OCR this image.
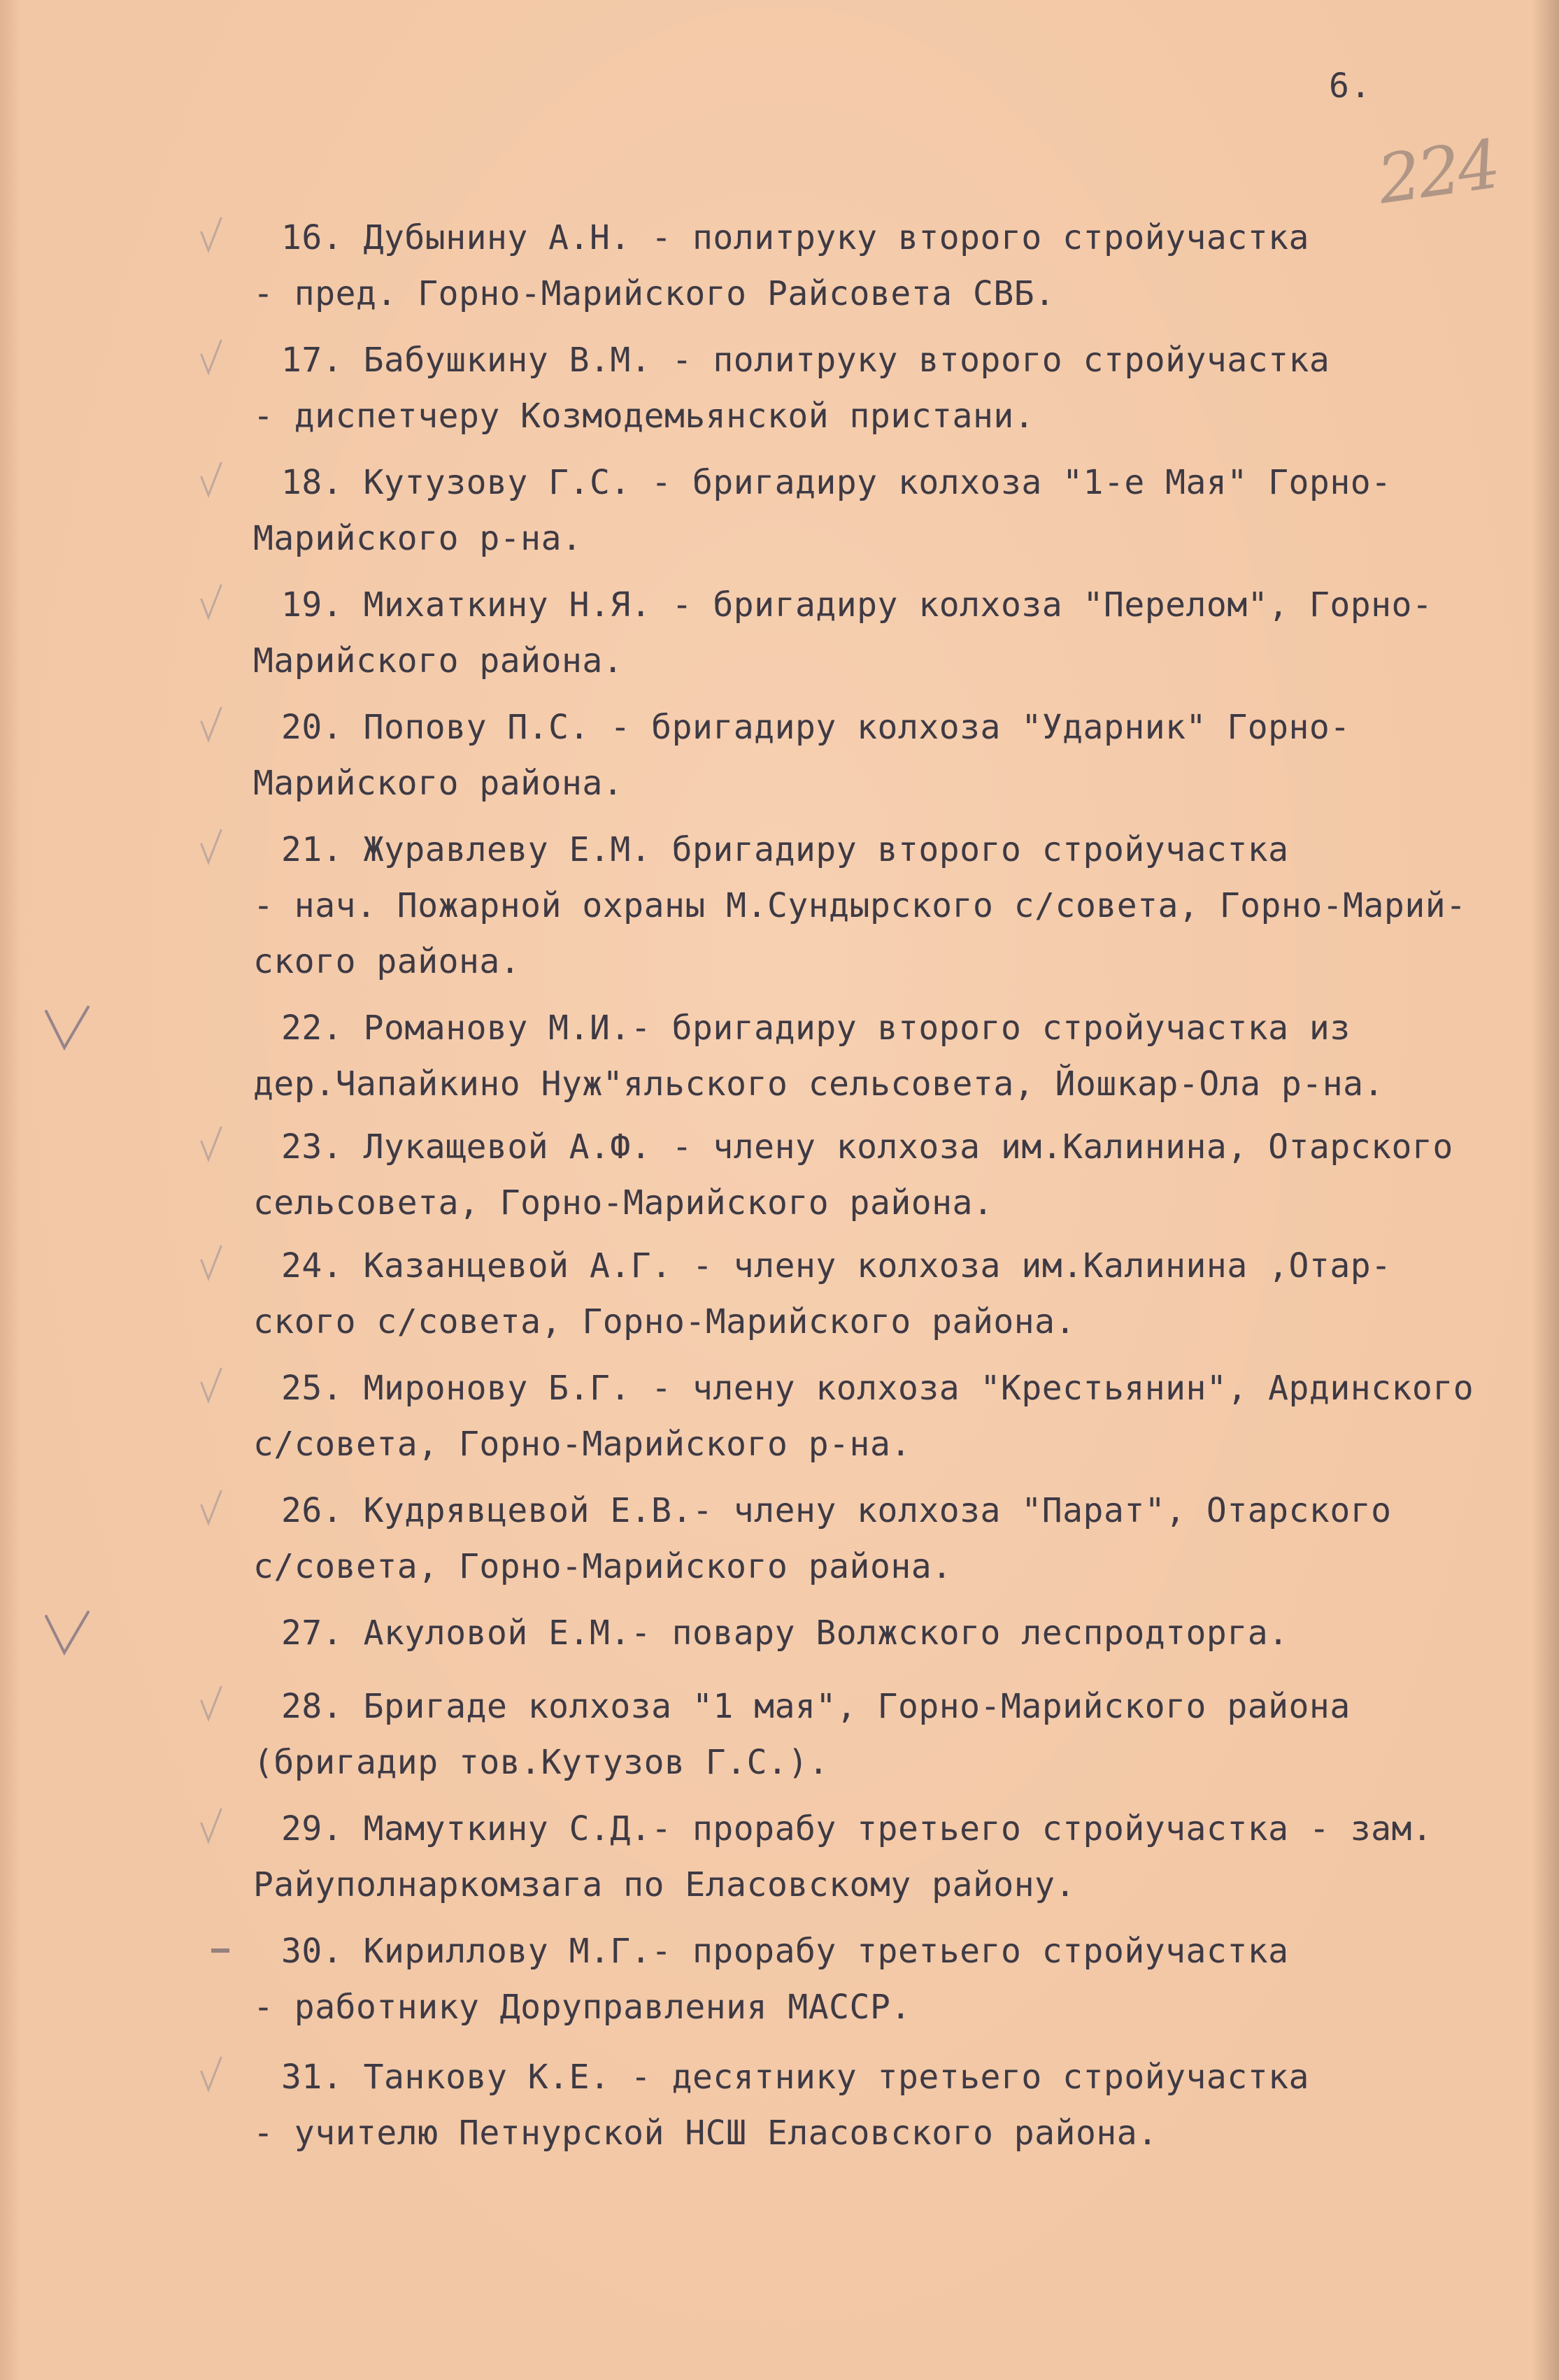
6.
224
16. Дубынину А.Н. - политруку второго стройучастка
- пред. Горно-Марийского Райсовета СВБ.
17. Бабушкину В.М. - политруку второго стройучастка
- диспетчеру Козмодемьянской пристани.
18. Кутузову Г.С. - бригадиру колхоза "1-е Мая" Горно-
Марийского р-на.
19. Михаткину Н.Я. - бригадиру колхоза "Перелом", Горно-
Марийского района.
20. Попову П.С. - бригадиру колхоза "Ударник" Горно-
Марийского района.
21. Журавлеву Е.М. бригадиру второго стройучастка
- нач. Пожарной охраны М.Сундырского с/совета, Горно-Марий-
ского района.
22. Романову М.И.- бригадиру второго стройучастка из
дер.Чапайкино Нуж"яльского сельсовета, Йошкар-Ола р-на.
23. Лукащевой А.Ф. - члену колхоза им.Калинина, Отарского
сельсовета, Горно-Марийского района.
24. Казанцевой А.Г. - члену колхоза им.Калинина ,Отар-
ского с/совета, Горно-Марийского района.
25. Миронову Б.Г. - члену колхоза "Крестьянин", Ардинского
с/совета, Горно-Марийского р-на.
26. Кудрявцевой Е.В.- члену колхоза "Парат", Отарского
с/совета, Горно-Марийского района.
27. Акуловой Е.М.- повару Волжского леспродторга.
28. Бригаде колхоза "1 мая", Горно-Марийского района
(бригадир тов.Кутузов Г.С.).
29. Мамуткину С.Д.- прорабу третьего стройучастка - зам.
Райуполнаркомзага по Еласовскому району.
30. Кириллову М.Г.- прорабу третьего стройучастка
- работнику Доруправления МАССР.
31. Танкову К.Е. - десятнику третьего стройучастка
- учителю Петнурской НСШ Еласовского района.
